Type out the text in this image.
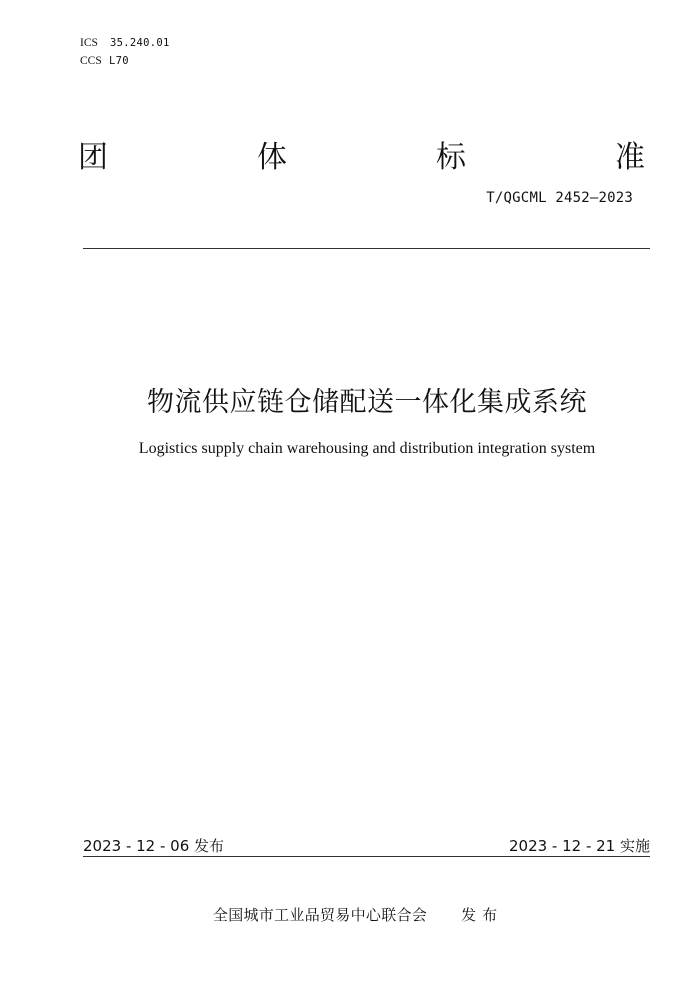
ICS	35.240.01
CCS L70
团	体	标	准
T/QGCML 2452—2023
物流供应链仓储配送一体化集成系统
Logistics supply chain warehousing and distribution integration system
2023 - 12 - 06 发布	2023 - 12 - 21 实施
全国城市工业品贸易中心联合会 发布
